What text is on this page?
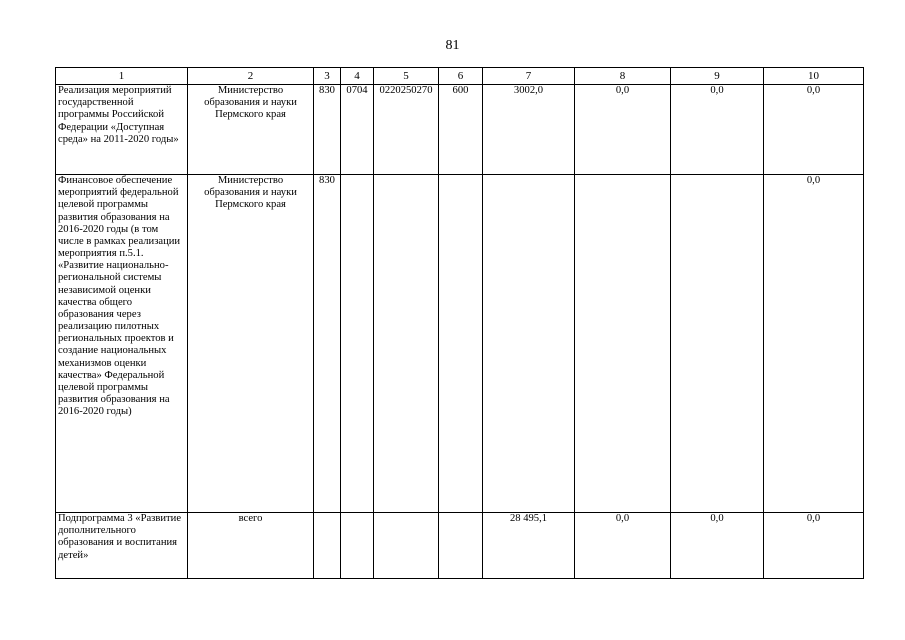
81
1	2	3	4	5	6	7	8	9	10
Реализация мероприятий государственной программы Российской Федерации «Доступная среда» на 2011-2020 годы»	Министерство образования и науки Пермского края	830	0704	0220250270	600	3002,0	0,0	0,0	0,0
Финансовое обеспечение мероприятий федеральной целевой программы развития образования на 2016-2020 годы (в том числе в рамках реализации мероприятия п.5.1. «Развитие национально-региональной системы независимой оценки качества общего образования через реализацию пилотных региональных проектов и создание национальных механизмов оценки качества» Федеральной целевой программы развития образования на 2016-2020 годы)	Министерство образования и науки Пермского края	830							0,0
Подпрограмма 3 «Развитие дополнительного образования и воспитания детей»	всего					28 495,1	0,0	0,0	0,0
